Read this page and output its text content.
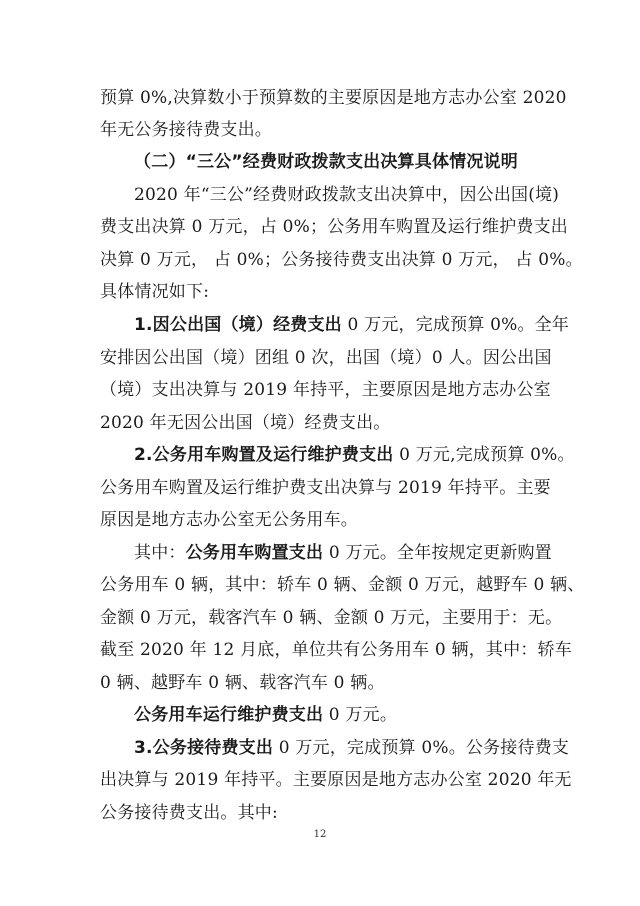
预算 0%,决算数小于预算数的主要原因是地方志办公室 2020
年无公务接待费支出。
（二）“三公”经费财政拨款支出决算具体情况说明
2020 年“三公”经费财政拨款支出决算中，因公出国(境)
费支出决算 0 万元，占 0%；公务用车购置及运行维护费支出
决算 0 万元， 占 0%；公务接待费支出决算 0 万元， 占 0%。
具体情况如下:
1.因公出国（境）经费支出 0 万元，完成预算 0%。全年
安排因公出国（境）团组 0 次，出国（境）0 人。因公出国
（境）支出决算与 2019 年持平，主要原因是地方志办公室
2020 年无因公出国（境）经费支出。
2.公务用车购置及运行维护费支出 0 万元,完成预算 0%。
公务用车购置及运行维护费支出决算与 2019 年持平。主要
原因是地方志办公室无公务用车。
其中：公务用车购置支出 0 万元。全年按规定更新购置
公务用车 0 辆，其中：轿车 0 辆、金额 0 万元，越野车 0 辆、
金额 0 万元，载客汽车 0 辆、金额 0 万元，主要用于：无。
截至 2020 年 12 月底，单位共有公务用车 0 辆，其中：轿车
0 辆、越野车 0 辆、载客汽车 0 辆。
公务用车运行维护费支出 0 万元。
3.公务接待费支出 0 万元，完成预算 0%。公务接待费支
出决算与 2019 年持平。主要原因是地方志办公室 2020 年无
公务接待费支出。其中:
12
